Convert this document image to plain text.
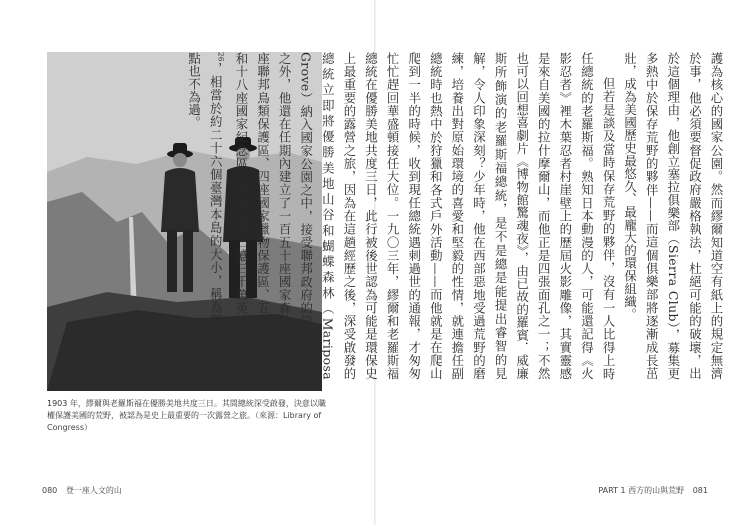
1903 年，繆爾與老羅斯福在優勝美地共度三日。其間總統深受啟發，決意以職權保護美國的荒野，被認為是史上最重要的一次露營之旅。（來源：Library of Congress）
080 登一座人文的山

護為核心的國家公園。然而繆爾知道空有紙上的規定無濟於事，他必須要督促政府嚴格執法，杜絕可能的破壞，出於這個理由，他創立塞拉俱樂部（Sierra Club），募集更多熱中於保存荒野的夥伴——而這個俱樂部將逐漸成長茁壯，成為美國歷史最悠久、最龐大的環保組織。

但若是談及當時保存荒野的夥伴，沒有一人比得上時任總統的老羅斯福。熟知日本動漫的人，可能還記得《火影忍者》裡木葉忍者村崖壁上的歷屆火影雕像，其實靈感是來自美國的拉什摩爾山，而他正是四張面孔之一；不然也可以回想喜劇片《博物館驚魂夜》，由已故的羅賓．威廉斯所飾演的老羅斯福總統，是不是總是能提出睿智的見解，令人印象深刻？少年時，他在西部惡地受過荒野的磨練，培養出對原始環境的喜愛和堅毅的性情，就連擔任副總統時也熱中於狩獵和各式戶外活動——而他就是在爬山爬到一半的時候，收到現任總統遇刺過世的通報，才匆匆忙忙趕回華盛頓接任大位。一九〇三年，繆爾和老羅斯福總統在優勝美地共度三日，此行被後世認為可能是環保史上最重要的露營之旅，因為在這趟經歷之後，深受啟發的總統立即將優勝美地山谷和蝴蝶森林（Mariposa Grove）納入國家公園之中，接受聯邦政府的管轄。除此之外，他還在任期內建立了一百五十座國家森林、五十一座聯邦鳥類保護區、四座國家獵物保護區、五座國家公園和十八座國家紀念區，涵蓋超過二億三千萬英畝的公有地$^{26}$，相當於約二十六個臺灣本島的大小，稱為環保總統一點也不為過。

PART 1 西方的山與荒野 081
